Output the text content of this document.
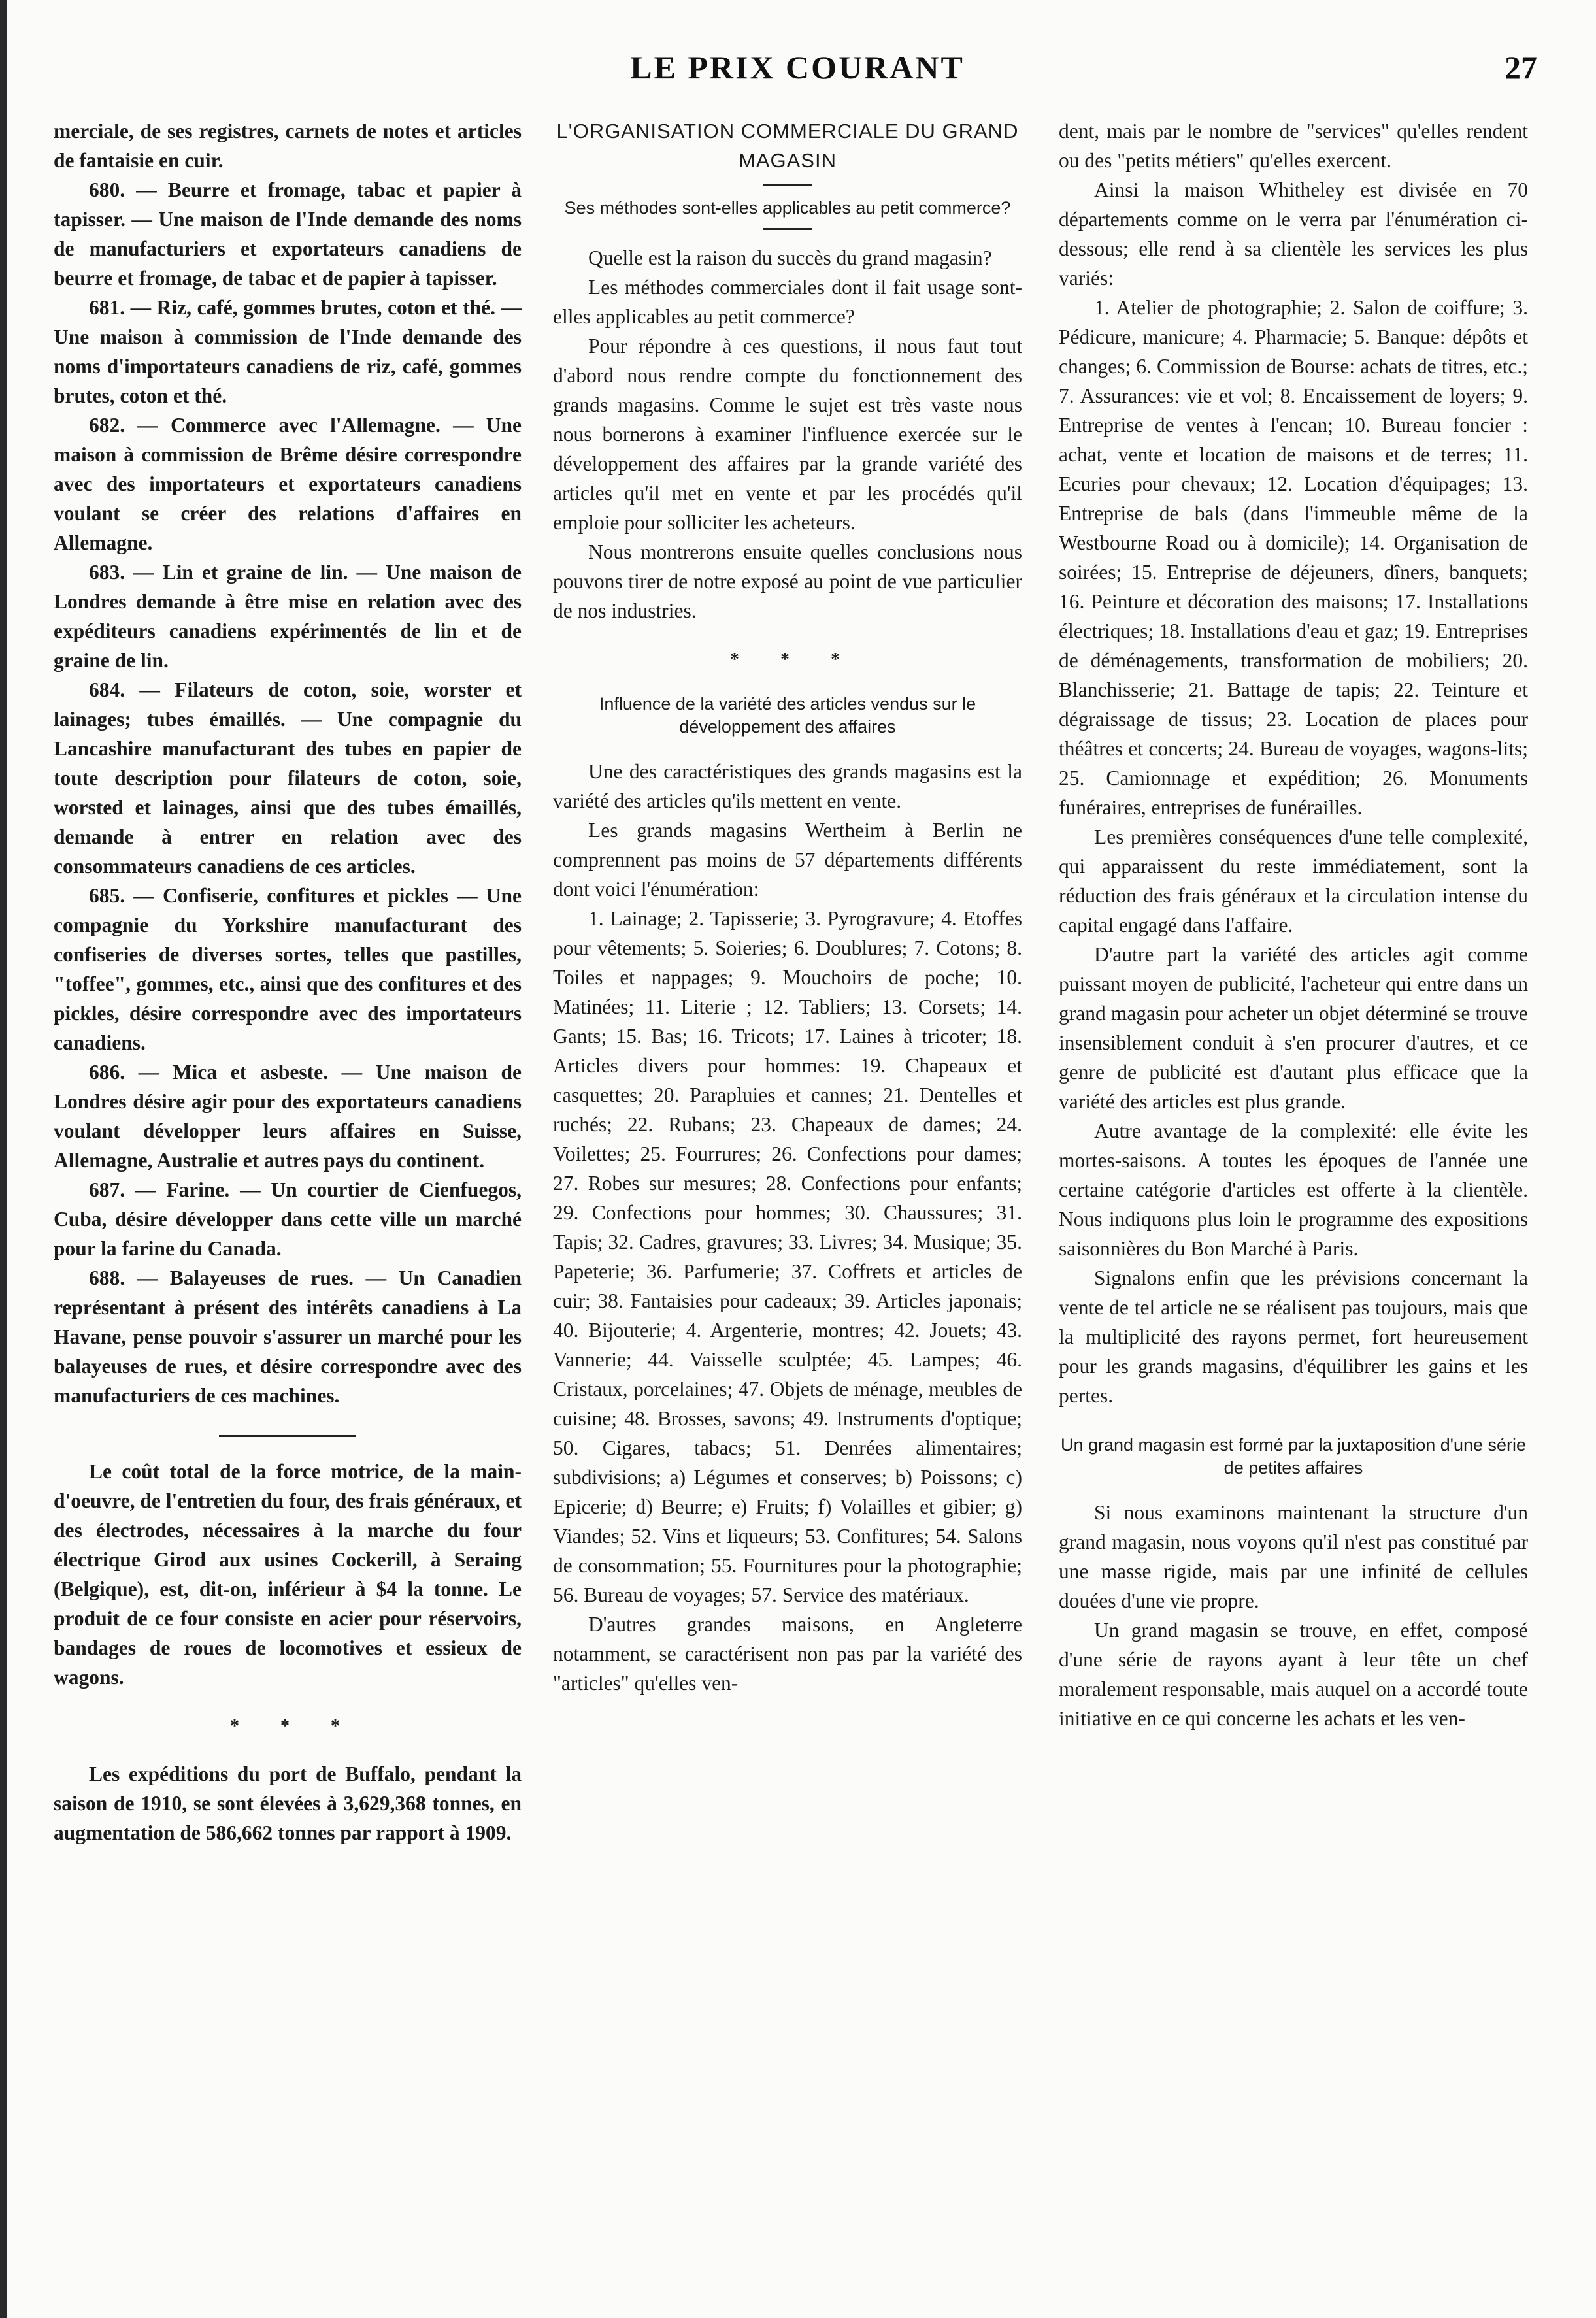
LE PRIX COURANT	27

merciale, de ses registres, carnets de notes et articles de fantaisie en cuir.

680. — Beurre et fromage, tabac et papier à tapisser. — Une maison de l'Inde demande des noms de manufacturiers et exportateurs canadiens de beurre et fromage, de tabac et de papier à tapisser.

681. — Riz, café, gommes brutes, coton et thé. — Une maison à commission de l'Inde demande des noms d'importateurs canadiens de riz, café, gommes brutes, coton et thé.

682. — Commerce avec l'Allemagne. — Une maison à commission de Brême désire correspondre avec des importateurs et exportateurs canadiens voulant se créer des relations d'affaires en Allemagne.

683. — Lin et graine de lin. — Une maison de Londres demande à être mise en relation avec des expéditeurs canadiens expérimentés de lin et de graine de lin.

684. — Filateurs de coton, soie, worster et lainages; tubes émaillés. — Une compagnie du Lancashire manufacturant des tubes en papier de toute description pour filateurs de coton, soie, worsted et lainages, ainsi que des tubes émaillés, demande à entrer en relation avec des consommateurs canadiens de ces articles.

685. — Confiserie, confitures et pickles — Une compagnie du Yorkshire manufacturant des confiseries de diverses sortes, telles que pastilles, "toffee", gommes, etc., ainsi que des confitures et des pickles, désire correspondre avec des importateurs canadiens.

686. — Mica et asbeste. — Une maison de Londres désire agir pour des exportateurs canadiens voulant développer leurs affaires en Suisse, Allemagne, Australie et autres pays du continent.

687. — Farine. — Un courtier de Cienfuegos, Cuba, désire développer dans cette ville un marché pour la farine du Canada.

688. — Balayeuses de rues. — Un Canadien représentant à présent des intérêts canadiens à La Havane, pense pouvoir s'assurer un marché pour les balayeuses de rues, et désire correspondre avec des manufacturiers de ces machines.

Le coût total de la force motrice, de la main-d'oeuvre, de l'entretien du four, des frais généraux, et des électrodes, nécessaires à la marche du four électrique Girod aux usines Cockerill, à Seraing (Belgique), est, dit-on, inférieur à $4 la tonne. Le produit de ce four consiste en acier pour réservoirs, bandages de roues de locomotives et essieux de wagons.

* * *

Les expéditions du port de Buffalo, pendant la saison de 1910, se sont élevées à 3,629,368 tonnes, en augmentation de 586,662 tonnes par rapport à 1909.

L'ORGANISATION COMMERCIALE DU GRAND MAGASIN

Ses méthodes sont-elles applicables au petit commerce?

Quelle est la raison du succès du grand magasin?

Les méthodes commerciales dont il fait usage sont-elles applicables au petit commerce?

Pour répondre à ces questions, il nous faut tout d'abord nous rendre compte du fonctionnement des grands magasins. Comme le sujet est très vaste nous nous bornerons à examiner l'influence exercée sur le développement des affaires par la grande variété des articles qu'il met en vente et par les procédés qu'il emploie pour solliciter les acheteurs.

Nous montrerons ensuite quelles conclusions nous pouvons tirer de notre exposé au point de vue particulier de nos industries.

* * *

Influence de la variété des articles vendus sur le développement des affaires

Une des caractéristiques des grands magasins est la variété des articles qu'ils mettent en vente.

Les grands magasins Wertheim à Berlin ne comprennent pas moins de 57 départements différents dont voici l'énumération:

1. Lainage; 2. Tapisserie; 3. Pyrogravure; 4. Etoffes pour vêtements; 5. Soieries; 6. Doublures; 7. Cotons; 8. Toiles et nappages; 9. Mouchoirs de poche; 10. Matinées; 11. Literie ; 12. Tabliers; 13. Corsets; 14. Gants; 15. Bas; 16. Tricots; 17. Laines à tricoter; 18. Articles divers pour hommes: 19. Chapeaux et casquettes; 20. Parapluies et cannes; 21. Dentelles et ruchés; 22. Rubans; 23. Chapeaux de dames; 24. Voilettes; 25. Fourrures; 26. Confections pour dames; 27. Robes sur mesures; 28. Confections pour enfants; 29. Confections pour hommes; 30. Chaussures; 31. Tapis; 32. Cadres, gravures; 33. Livres; 34. Musique; 35. Papeterie; 36. Parfumerie; 37. Coffrets et articles de cuir; 38. Fantaisies pour cadeaux; 39. Articles japonais; 40. Bijouterie; 4. Argenterie, montres; 42. Jouets; 43. Vannerie; 44. Vaisselle sculptée; 45. Lampes; 46. Cristaux, porcelaines; 47. Objets de ménage, meubles de cuisine; 48. Brosses, savons; 49. Instruments d'optique; 50. Cigares, tabacs; 51. Denrées alimentaires; subdivisions; a) Légumes et conserves; b) Poissons; c) Epicerie; d) Beurre; e) Fruits; f) Volailles et gibier; g) Viandes; 52. Vins et liqueurs; 53. Confitures; 54. Salons de consommation; 55. Fournitures pour la photographie; 56. Bureau de voyages; 57. Service des matériaux.

D'autres grandes maisons, en Angleterre notamment, se caractérisent non pas par la variété des "articles" qu'elles ven-

dent, mais par le nombre de "services" qu'elles rendent ou des "petits métiers" qu'elles exercent.

Ainsi la maison Whitheley est divisée en 70 départements comme on le verra par l'énumération ci-dessous; elle rend à sa clientèle les services les plus variés:

1. Atelier de photographie; 2. Salon de coiffure; 3. Pédicure, manicure; 4. Pharmacie; 5. Banque: dépôts et changes; 6. Commission de Bourse: achats de titres, etc.; 7. Assurances: vie et vol; 8. Encaissement de loyers; 9. Entreprise de ventes à l'encan; 10. Bureau foncier : achat, vente et location de maisons et de terres; 11. Ecuries pour chevaux; 12. Location d'équipages; 13. Entreprise de bals (dans l'immeuble même de la Westbourne Road ou à domicile); 14. Organisation de soirées; 15. Entreprise de déjeuners, dîners, banquets; 16. Peinture et décoration des maisons; 17. Installations électriques; 18. Installations d'eau et gaz; 19. Entreprises de déménagements, transformation de mobiliers; 20. Blanchisserie; 21. Battage de tapis; 22. Teinture et dégraissage de tissus; 23. Location de places pour théâtres et concerts; 24. Bureau de voyages, wagons-lits; 25. Camionnage et expédition; 26. Monuments funéraires, entreprises de funérailles.

Les premières conséquences d'une telle complexité, qui apparaissent du reste immédiatement, sont la réduction des frais généraux et la circulation intense du capital engagé dans l'affaire.

D'autre part la variété des articles agit comme puissant moyen de publicité, l'acheteur qui entre dans un grand magasin pour acheter un objet déterminé se trouve insensiblement conduit à s'en procurer d'autres, et ce genre de publicité est d'autant plus efficace que la variété des articles est plus grande.

Autre avantage de la complexité: elle évite les mortes-saisons. A toutes les époques de l'année une certaine catégorie d'articles est offerte à la clientèle. Nous indiquons plus loin le programme des expositions saisonnières du Bon Marché à Paris.

Signalons enfin que les prévisions concernant la vente de tel article ne se réalisent pas toujours, mais que la multiplicité des rayons permet, fort heureusement pour les grands magasins, d'équilibrer les gains et les pertes.

Un grand magasin est formé par la juxtaposition d'une série de petites affaires

Si nous examinons maintenant la structure d'un grand magasin, nous voyons qu'il n'est pas constitué par une masse rigide, mais par une infinité de cellules douées d'une vie propre.

Un grand magasin se trouve, en effet, composé d'une série de rayons ayant à leur tête un chef moralement responsable, mais auquel on a accordé toute initiative en ce qui concerne les achats et les ven-
